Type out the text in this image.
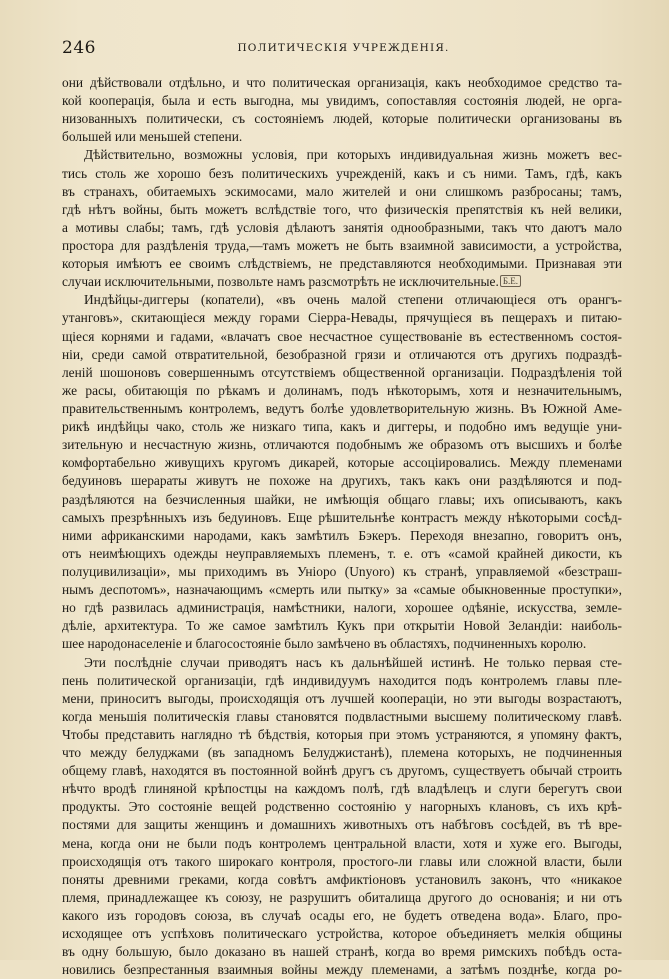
246	ПОЛИТИЧЕСКІЯ УЧРЕЖДЕНІЯ.
они дѣйствовали отдѣльно, и что политическая организація, какъ необходимое средство та-
кой кооперація, была и есть выгодна, мы увидимъ, сопоставляя состоянія людей, не орга-
низованныхъ политически, съ состояніемъ людей, которые политически организованы въ
большей или меньшей степени.
Дѣйствительно, возможны условія, при которыхъ индивидуальная жизнь можетъ вес-
тись столь же хорошо безъ политическихъ учрежденій, какъ и съ ними. Тамъ, гдѣ, какъ
въ странахъ, обитаемыхъ эскимосами, мало жителей и они слишкомъ разбросаны; тамъ,
гдѣ нѣтъ войны, быть можетъ вслѣдствіе того, что физическія препятствія къ ней велики,
а мотивы слабы; тамъ, гдѣ условія дѣлаютъ занятія однообразными, такъ что даютъ мало
простора для раздѣленія труда,—тамъ можетъ не быть взаимной зависимости, а устройства,
которыя имѣютъ ее своимъ слѣдствіемъ, не представляются необходимыми. Признавая эти
случаи исключительными, позвольте намъ разсмотрѣть не исключительные. Б.Е.
Индѣйцы-диггеры (копатели), «въ очень малой степени отличающіеся отъ орангъ-
утанговъ», скитающіеся между горами Сіерра-Невады, прячущіеся въ пещерахъ и питаю-
щіеся корнями и гадами, «влачатъ свое несчастное существованіе въ естественномъ состоя-
ніи, среди самой отвратительной, безобразной грязи и отличаются отъ другихъ подраздѣ-
леній шошоновъ совершеннымъ отсутствіемъ общественной организаціи. Подраздѣленія той
же расы, обитающія по рѣкамъ и долинамъ, подъ нѣкоторымъ, хотя и незначительнымъ,
правительственнымъ контролемъ, ведутъ болѣе удовлетворительную жизнь. Въ Южной Аме-
рикѣ индѣйцы чако, столь же низкаго типа, какъ и диггеры, и подобно имъ ведущіе уни-
зительную и несчастную жизнь, отличаются подобнымъ же образомъ отъ высшихъ и болѣе
комфортабельно живущихъ кругомъ дикарей, которые ассоціировались. Между племенами
бедуиновъ шерараты живутъ не похоже на другихъ, такъ какъ они раздѣляются и под-
раздѣляются на безчисленныя шайки, не имѣющія общаго главы; ихъ описываютъ, какъ
самыхъ презрѣнныхъ изъ бедуиновъ. Еще рѣшительнѣе контрастъ между нѣкоторыми сосѣд-
ними африканскими народами, какъ замѣтилъ Бэкеръ. Переходя внезапно, говоритъ онъ,
отъ неимѣющихъ одежды неуправляемыхъ племенъ, т. е. отъ «самой крайней дикости, къ
полуцивилизаціи», мы приходимъ въ Уніоро (Unyoro) къ странѣ, управляемой «безстраш-
нымъ деспотомъ», назначающимъ «смерть или пытку» за «самые обыкновенные проступки»,
но гдѣ развилась администрація, намѣстники, налоги, хорошее одѣяніе, искусства, земле-
дѣліе, архитектура. То же самое замѣтилъ Кукъ при открытіи Новой Зеландіи: наиболь-
шее народонаселеніе и благосостояніе было замѣчено въ областяхъ, подчиненныхъ королю.
Эти послѣдніе случаи приводятъ насъ къ дальнѣйшей истинѣ. Не только первая сте-
пень политической организаціи, гдѣ индивидуумъ находится подъ контролемъ главы пле-
мени, приноситъ выгоды, происходящія отъ лучшей коопераціи, но эти выгоды возрастаютъ,
когда меньшія политическія главы становятся подвластными высшему политическому главѣ.
Чтобы представить наглядно тѣ бѣдствія, которыя при этомъ устраняются, я упомяну фактъ,
что между белуджами (въ западномъ Белуджистанѣ), племена которыхъ, не подчиненныя
общему главѣ, находятся въ постоянной войнѣ другъ съ другомъ, существуетъ обычай строить
нѣчто вродѣ глиняной крѣпостцы на каждомъ полѣ, гдѣ владѣлецъ и слуги берегутъ свои
продукты. Это состояніе вещей родственно состоянію у нагорныхъ клановъ, съ ихъ крѣ-
постями для защиты женщинъ и домашнихъ животныхъ отъ набѣговъ сосѣдей, въ тѣ вре-
мена, когда они не были подъ контролемъ центральной власти, хотя и хуже его. Выгоды,
происходящія отъ такого широкаго контроля, простого-ли главы или сложной власти, были
поняты древними греками, когда совѣтъ амфиктіоновъ установилъ законъ, что «никакое
племя, принадлежащее къ союзу, не разрушитъ обиталища другого до основанія; и ни отъ
какого изъ городовъ союза, въ случаѣ осады его, не будетъ отведена вода». Благо, про-
исходящее отъ успѣховъ политическаго устройства, которое объединяетъ мелкія общины
въ одну большую, было доказано въ нашей странѣ, когда во время римскихъ побѣдъ оста-
новились безпрестанныя взаимныя войны между племенами, а затѣмъ позднѣе, когда ро-
